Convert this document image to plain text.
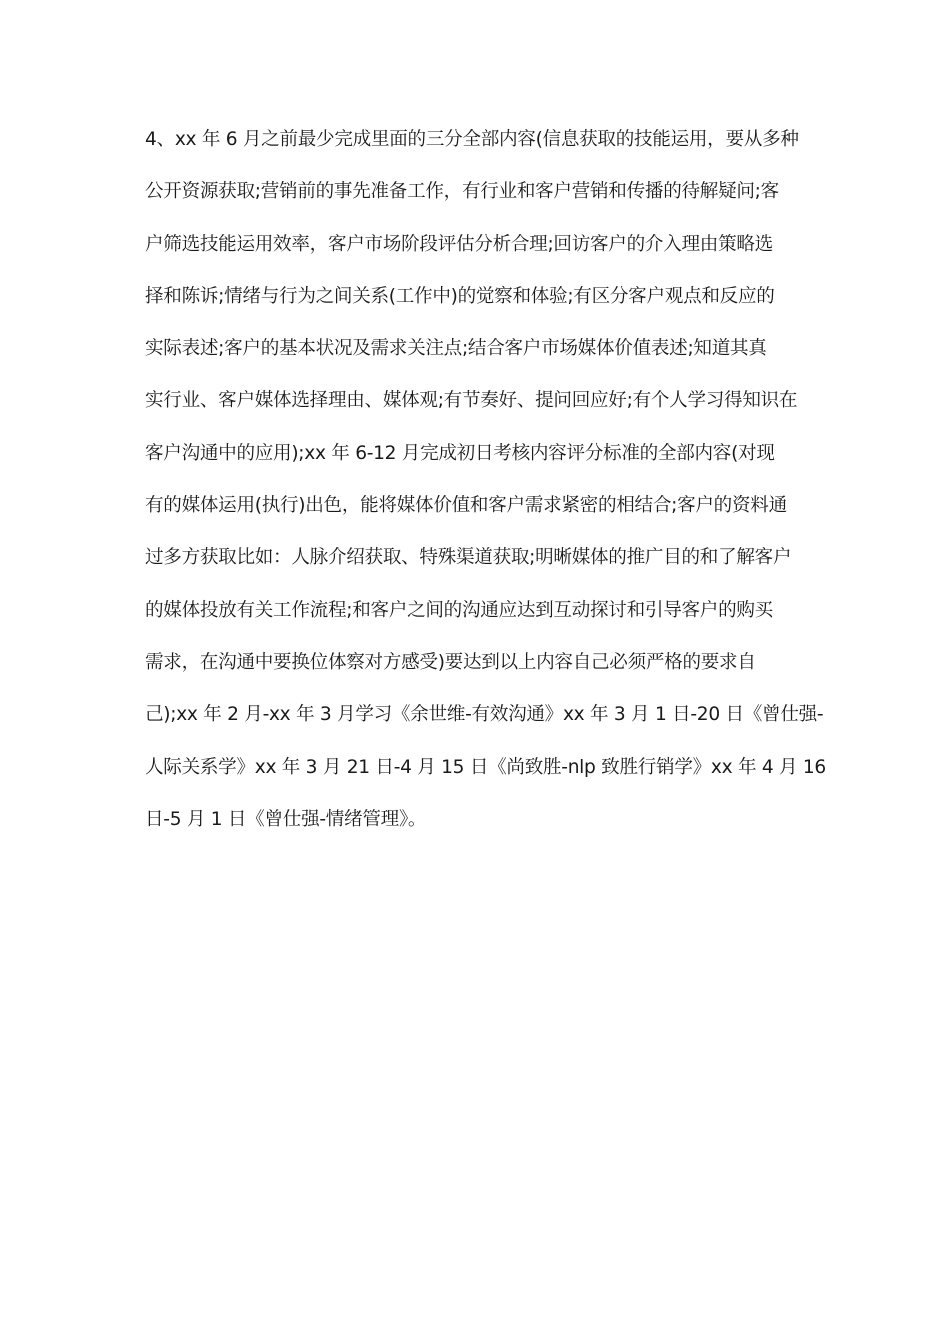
4、xx 年 6 月之前最少完成里面的三分全部内容(信息获取的技能运用，要从多种
公开资源获取;营销前的事先准备工作，有行业和客户营销和传播的待解疑问;客
户筛选技能运用效率，客户市场阶段评估分析合理;回访客户的介入理由策略选
择和陈诉;情绪与行为之间关系(工作中)的觉察和体验;有区分客户观点和反应的
实际表述;客户的基本状况及需求关注点;结合客户市场媒体价值表述;知道其真
实行业、客户媒体选择理由、媒体观;有节奏好、提问回应好;有个人学习得知识在
客户沟通中的应用);xx 年 6-12 月完成初日考核内容评分标准的全部内容(对现
有的媒体运用(执行)出色，能将媒体价值和客户需求紧密的相结合;客户的资料通
过多方获取比如：人脉介绍获取、特殊渠道获取;明晰媒体的推广目的和了解客户
的媒体投放有关工作流程;和客户之间的沟通应达到互动探讨和引导客户的购买
需求，在沟通中要换位体察对方感受)要达到以上内容自己必须严格的要求自
己);xx 年 2 月-xx 年 3 月学习《余世维-有效沟通》xx 年 3 月 1 日-20 日《曾仕强-
人际关系学》xx 年 3 月 21 日-4 月 15 日《尚致胜-nlp 致胜行销学》xx 年 4 月 16
日-5 月 1 日《曾仕强-情绪管理》。
